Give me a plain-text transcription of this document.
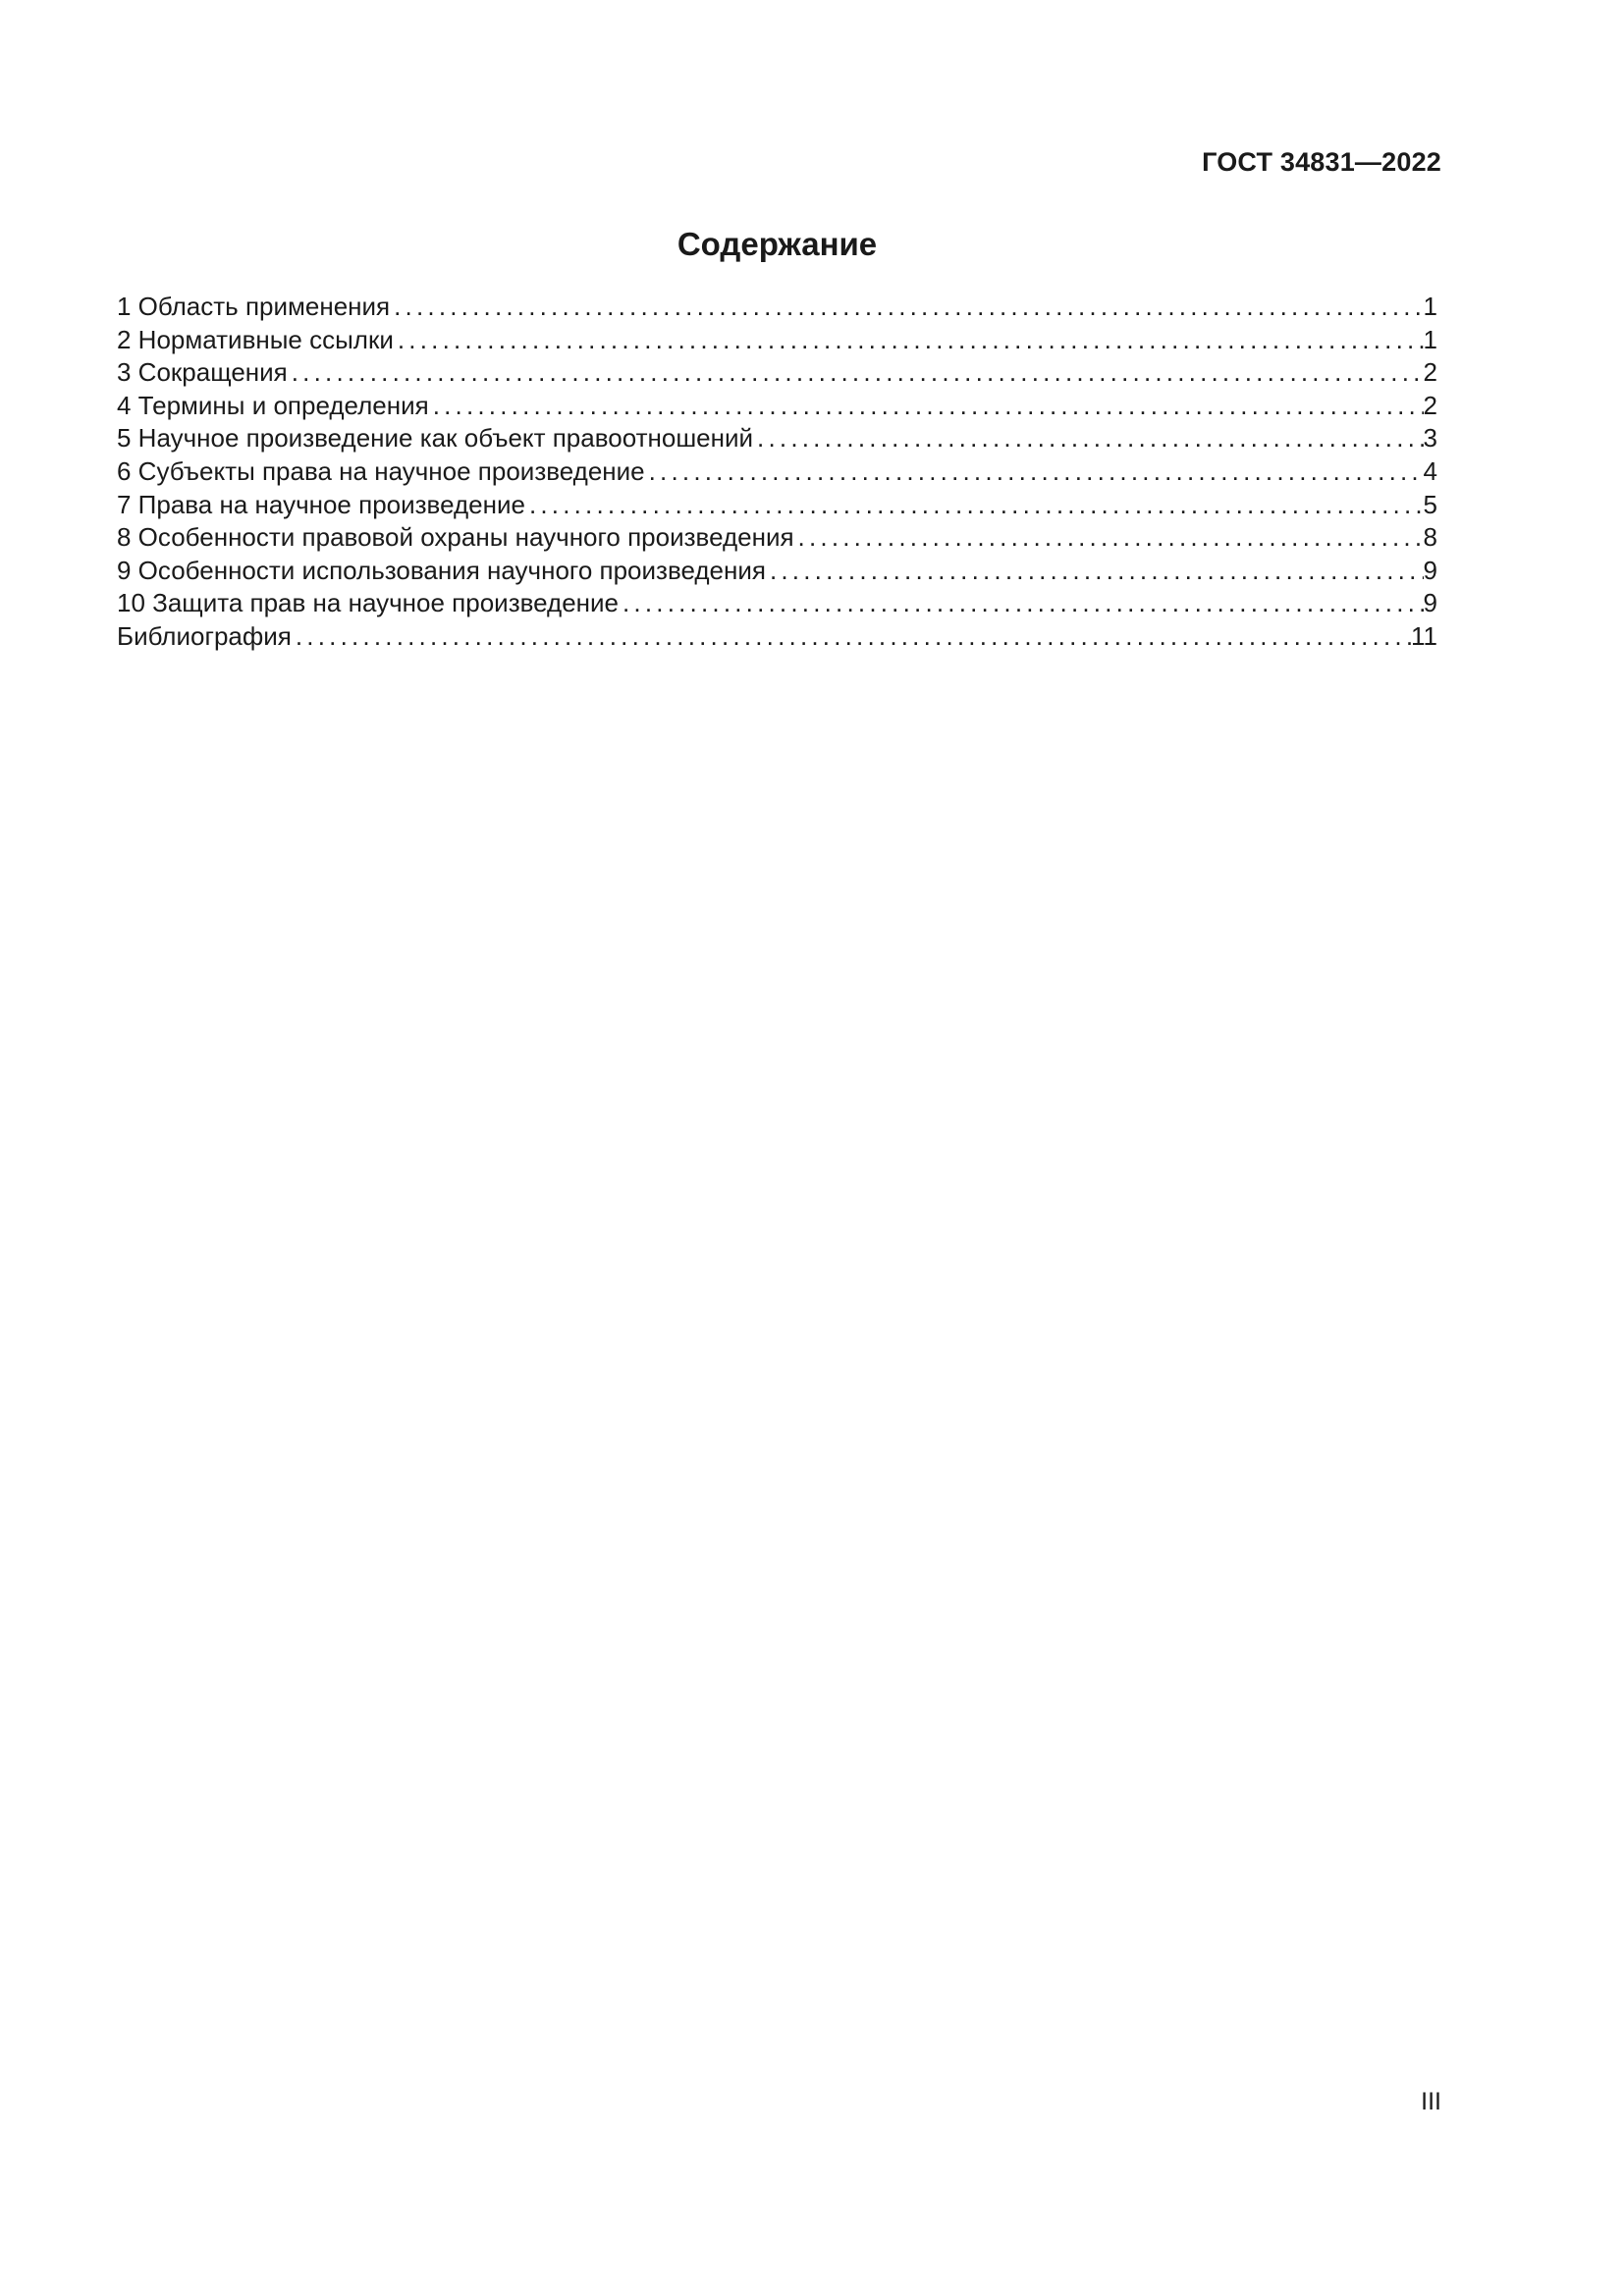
ГОСТ 34831—2022
Содержание
1 Область применения .....	1
2 Нормативные ссылки .....	1
3 Сокращения .....	2
4 Термины и определения .....	2
5 Научное произведение как объект правоотношений .....	3
6 Субъекты права на научное произведение .....	4
7 Права на научное произведение .....	5
8 Особенности правовой охраны научного произведения .....	8
9 Особенности использования научного произведения .....	9
10 Защита прав на научное произведение .....	9
Библиография .....	11
III
